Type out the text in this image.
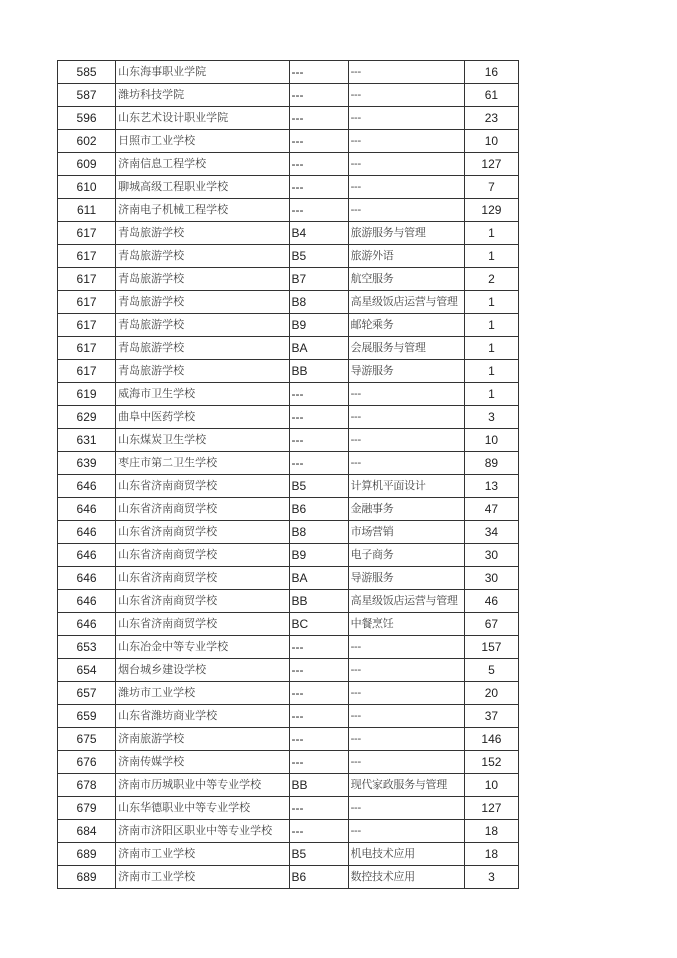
585	山东海事职业学院	---	---	16
587	潍坊科技学院	---	---	61
596	山东艺术设计职业学院	---	---	23
602	日照市工业学校	---	---	10
609	济南信息工程学校	---	---	127
610	聊城高级工程职业学校	---	---	7
611	济南电子机械工程学校	---	---	129
617	青岛旅游学校	B4	旅游服务与管理	1
617	青岛旅游学校	B5	旅游外语	1
617	青岛旅游学校	B7	航空服务	2
617	青岛旅游学校	B8	高星级饭店运营与管理	1
617	青岛旅游学校	B9	邮轮乘务	1
617	青岛旅游学校	BA	会展服务与管理	1
617	青岛旅游学校	BB	导游服务	1
619	威海市卫生学校	---	---	1
629	曲阜中医药学校	---	---	3
631	山东煤炭卫生学校	---	---	10
639	枣庄市第二卫生学校	---	---	89
646	山东省济南商贸学校	B5	计算机平面设计	13
646	山东省济南商贸学校	B6	金融事务	47
646	山东省济南商贸学校	B8	市场营销	34
646	山东省济南商贸学校	B9	电子商务	30
646	山东省济南商贸学校	BA	导游服务	30
646	山东省济南商贸学校	BB	高星级饭店运营与管理	46
646	山东省济南商贸学校	BC	中餐烹饪	67
653	山东冶金中等专业学校	---	---	157
654	烟台城乡建设学校	---	---	5
657	潍坊市工业学校	---	---	20
659	山东省潍坊商业学校	---	---	37
675	济南旅游学校	---	---	146
676	济南传媒学校	---	---	152
678	济南市历城职业中等专业学校	BB	现代家政服务与管理	10
679	山东华德职业中等专业学校	---	---	127
684	济南市济阳区职业中等专业学校	---	---	18
689	济南市工业学校	B5	机电技术应用	18
689	济南市工业学校	B6	数控技术应用	3
